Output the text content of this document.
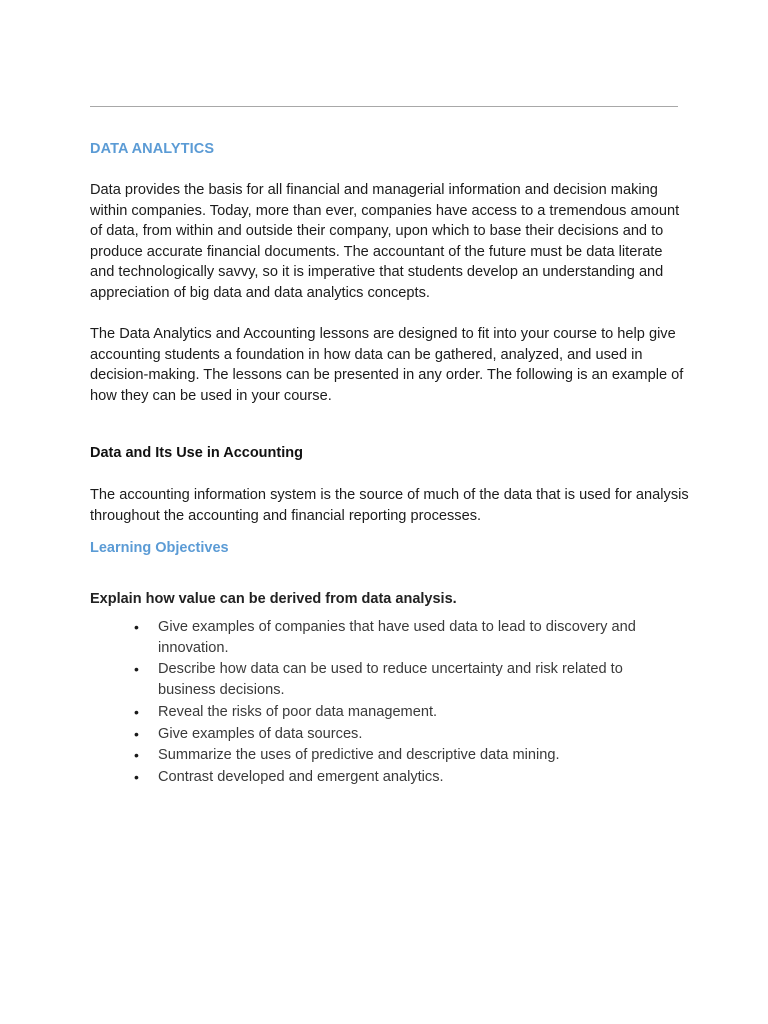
DATA ANALYTICS
Data provides the basis for all financial and managerial information and decision making within companies. Today, more than ever, companies have access to a tremendous amount of data, from within and outside their company, upon which to base their decisions and to produce accurate financial documents. The accountant of the future must be data literate and technologically savvy, so it is imperative that students develop an understanding and appreciation of big data and data analytics concepts.
The Data Analytics and Accounting lessons are designed to fit into your course to help give accounting students a foundation in how data can be gathered, analyzed, and used in decision-making. The lessons can be presented in any order. The following is an example of how they can be used in your course.
Data and Its Use in Accounting
The accounting information system is the source of much of the data that is used for analysis throughout the accounting and financial reporting processes.
Learning Objectives
Explain how value can be derived from data analysis.
• Give examples of companies that have used data to lead to discovery and innovation.
• Describe how data can be used to reduce uncertainty and risk related to business decisions.
• Reveal the risks of poor data management.
• Give examples of data sources.
• Summarize the uses of predictive and descriptive data mining.
• Contrast developed and emergent analytics.
